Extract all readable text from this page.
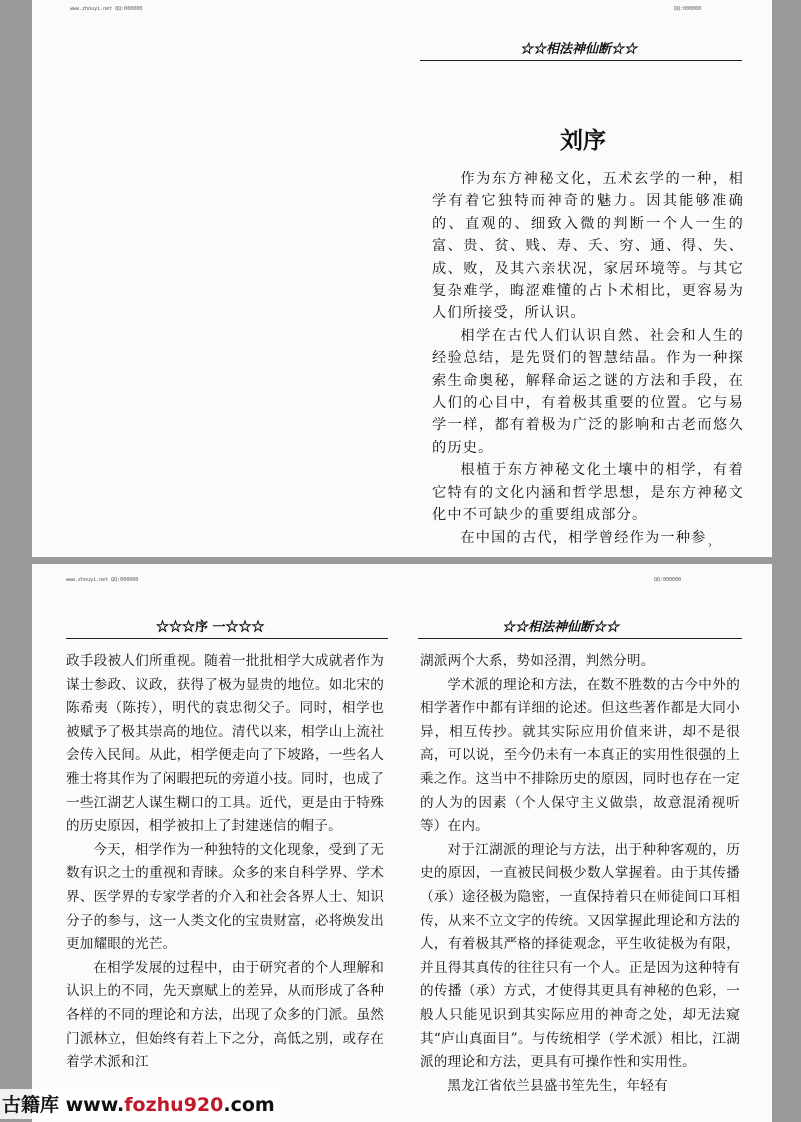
www.zhouyi.net QQ:000000	QQ:000000
☆☆相法神仙断☆☆
刘序

作为东方神秘文化，五术玄学的一种，相学有着它独特而神奇的魅力。因其能够准确的、直观的、细致入微的判断一个人一生的富、贵、贫、贱、寿、夭、穷、通、得、失、成、败，及其六亲状况，家居环境等。与其它复杂难学，晦涩难懂的占卜术相比，更容易为人们所接受，所认识。

相学在古代人们认识自然、社会和人生的经验总结，是先贤们的智慧结晶。作为一种探索生命奥秘，解释命运之谜的方法和手段，在人们的心目中，有着极其重要的位置。它与易学一样，都有着极为广泛的影响和古老而悠久的历史。

根植于东方神秘文化土壤中的相学，有着它特有的文化内涵和哲学思想，是东方神秘文化中不可缺少的重要组成部分。

在中国的古代，相学曾经作为一种参 ›
www.zhouyi.net QQ:000000	QQ:000000
☆☆☆序 一☆☆☆	☆☆相法神仙断☆☆

政手段被人们所重视。随着一批批相学大成就者作为谋士参政、议政，获得了极为显贵的地位。如北宋的陈希夷（陈抟），明代的袁忠彻父子。同时，相学也被赋予了极其崇高的地位。清代以来，相学山上流社会传入民间。从此，相学便走向了下坡路，一些名人雅士将其作为了闲暇把玩的旁道小技。同时，也成了一些江湖艺人谋生糊口的工具。近代，更是由于特殊的历史原因，相学被扣上了封建迷信的帽子。

今天，相学作为一种独特的文化现象，受到了无数有识之士的重视和青睐。众多的来自科学界、学术界、医学界的专家学者的介入和社会各界人士、知识分子的参与，这一人类文化的宝贵财富，必将焕发出更加耀眼的光芒。

在相学发展的过程中，由于研究者的个人理解和认识上的不同，先天禀赋上的差异，从而形成了各种各样的不同的理论和方法，出现了众多的门派。虽然门派林立，但始终有若上下之分，高低之别，或存在着学术派和江

湖派两个大系，势如泾渭，判然分明。

学术派的理论和方法，在数不胜数的古今中外的相学著作中都有详细的论述。但这些著作都是大同小异，相互传抄。就其实际应用价值来讲，却不是很高，可以说，至今仍未有一本真正的实用性很强的上乘之作。这当中不排除历史的原因，同时也存在一定的人为的因素（个人保守主义做祟，故意混淆视听等）在内。

对于江湖派的理论与方法，出于种种客观的，历史的原因，一直被民间极少数人掌握着。由于其传播（承）途径极为隐密，一直保持着只在师徒间口耳相传，从来不立文字的传统。又因掌握此理论和方法的人，有着极其严格的择徒观念，平生收徒极为有限，并且得其真传的往往只有一个人。正是因为这种特有的传播（承）方式，才使得其更具有神秘的色彩，一般人只能见识到其实际应用的神奇之处，却无法窥其“庐山真面目”。与传统相学（学术派）相比，江湖派的理论和方法，更具有可操作性和实用性。

黑龙江省依兰县盛书笙先生，年轻有

古籍库 www.fozhu920.com
